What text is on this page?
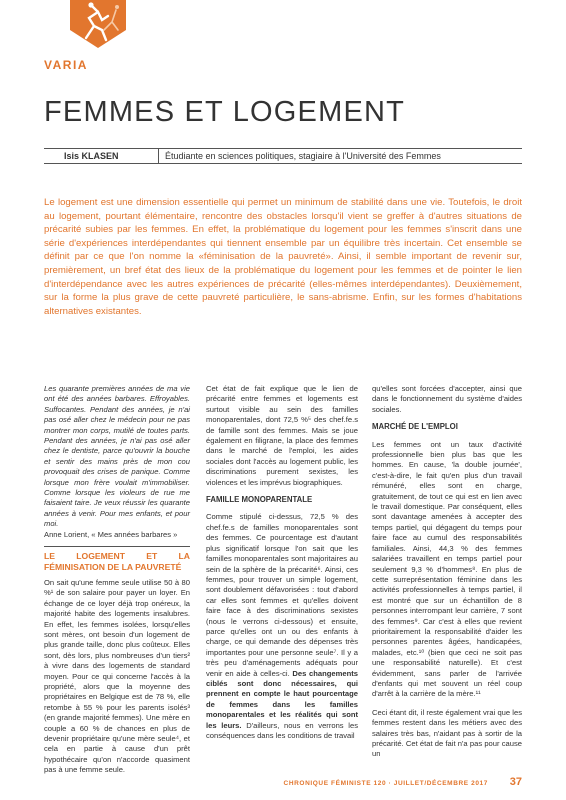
VARIA
FEMMES ET LOGEMENT
Isis KLASEN	Étudiante en sciences politiques, stagiaire à l'Université des Femmes

Le logement est une dimension essentielle qui permet un minimum de stabilité dans une vie. Toutefois, le droit au logement, pourtant élémentaire, rencontre des obstacles lorsqu'il vient se greffer à d'autres situations de précarité subies par les femmes. En effet, la problématique du logement pour les femmes s'inscrit dans une série d'expériences interdépendantes qui tiennent ensemble par un équilibre très incertain. Cet ensemble se définit par ce que l'on nomme la «féminisation de la pauvreté». Ainsi, il semble important de revenir sur, premièrement, un bref état des lieux de la problématique du logement pour les femmes et de pointer le lien d'interdépendance avec les autres expériences de précarité (elles-mêmes interdépendantes). Deuxièmement, sur la forme la plus grave de cette pauvreté particulière, le sans-abrisme. Enfin, sur les formes d'habitations alternatives existantes.

Les quarante premières années de ma vie ont été des années barbares. Effroyables. Suffocantes. Pendant des années, je n'ai pas osé aller chez le médecin pour ne pas montrer mon corps, mutilé de toutes parts. Pendant des années, je n'ai pas osé aller chez le dentiste, parce qu'ouvrir la bouche et sentir des mains près de mon cou provoquait des crises de panique. Comme lorsque mon frère voulait m'immobiliser. Comme lorsque les violeurs de rue me faisaient taire. Je veux réussir les quarante années à venir. Pour mes enfants, et pour moi.

Anne Lorient, « Mes années barbares »

LE LOGEMENT ET LA FÉMINISATION DE LA PAUVRETÉ

On sait qu'une femme seule utilise 50 à 80 %¹ de son salaire pour payer un loyer. En échange de ce loyer déjà trop onéreux, la majorité habite des logements insalubres. En effet, les femmes isolées, lorsqu'elles sont mères, ont besoin d'un logement de plus grande taille, donc plus coûteux. Elles sont, dès lors, plus nombreuses d'un tiers² à vivre dans des logements de standard moyen. Pour ce qui concerne l'accès à la propriété, alors que la moyenne des propriétaires en Belgique est de 78 %, elle retombe à 55 % pour les parents isolés³ (en grande majorité femmes). Une mère en couple a 60 % de chances en plus de devenir propriétaire qu'une mère seule⁴, et cela en partie à cause d'un prêt hypothécaire qu'on n'accorde quasiment pas à une femme seule.

Cet état de fait explique que le lien de précarité entre femmes et logements est surtout visible au sein des familles monoparentales, dont 72,5 %⁵ des chef.fe.s de famille sont des femmes. Mais se joue également en filigrane, la place des femmes dans le marché de l'emploi, les aides sociales dont l'accès au logement public, les discriminations purement sexistes, les violences et les imprévus biographiques.

FAMILLE MONOPARENTALE

Comme stipulé ci-dessus, 72,5 % des chef.fe.s de familles monoparentales sont des femmes. Ce pourcentage est d'autant plus significatif lorsque l'on sait que les familles monoparentales sont majoritaires au sein de la sphère de la précarité⁶. Ainsi, ces femmes, pour trouver un simple logement, sont doublement défavorisées : tout d'abord car elles sont femmes et qu'elles doivent faire face à des discriminations sexistes (nous le verrons ci-dessous) et ensuite, parce qu'elles ont un ou des enfants à charge, ce qui demande des dépenses très importantes pour une personne seule⁷. Il y a très peu d'aménagements adéquats pour venir en aide à celles-ci. Des changements ciblés sont donc nécessaires, qui prennent en compte le haut pourcentage de femmes dans les familles monoparentales et les réalités qui sont les leurs. D'ailleurs, nous en verrons les conséquences dans les conditions de travail

qu'elles sont forcées d'accepter, ainsi que dans le fonctionnement du système d'aides sociales.

MARCHÉ DE L'EMPLOI

Les femmes ont un taux d'activité professionnelle bien plus bas que les hommes. En cause, 'la double journée', c'est-à-dire, le fait qu'en plus d'un travail rémunéré, elles sont en charge, gratuitement, de tout ce qui est en lien avec le travail domestique. Par conséquent, elles sont davantage amenées à accepter des temps partiel, qui dégagent du temps pour faire face au cumul des responsabilités familiales. Ainsi, 44,3 % des femmes salariées travaillent en temps partiel pour seulement 9,3 % d'hommes⁸. En plus de cette surreprésentation féminine dans les activités professionnelles à temps partiel, il est montré que sur un échantillon de 8 personnes interrompant leur carrière, 7 sont des femmes⁹. Car c'est à elles que revient prioritairement la responsabilité d'aider les personnes parentes âgées, handicapées, malades, etc.¹⁰ (bien que ceci ne soit pas une responsabilité naturelle). Et c'est évidemment, sans parler de l'arrivée d'enfants qui met souvent un réel coup d'arrêt à la carrière de la mère.¹¹

Ceci étant dit, il reste également vrai que les femmes restent dans les métiers avec des salaires très bas, n'aidant pas à sortir de la précarité. Cet état de fait n'a pas pour cause un

CHRONIQUE FÉMINISTE 120 · JUILLET/DÉCEMBRE 2017 37
